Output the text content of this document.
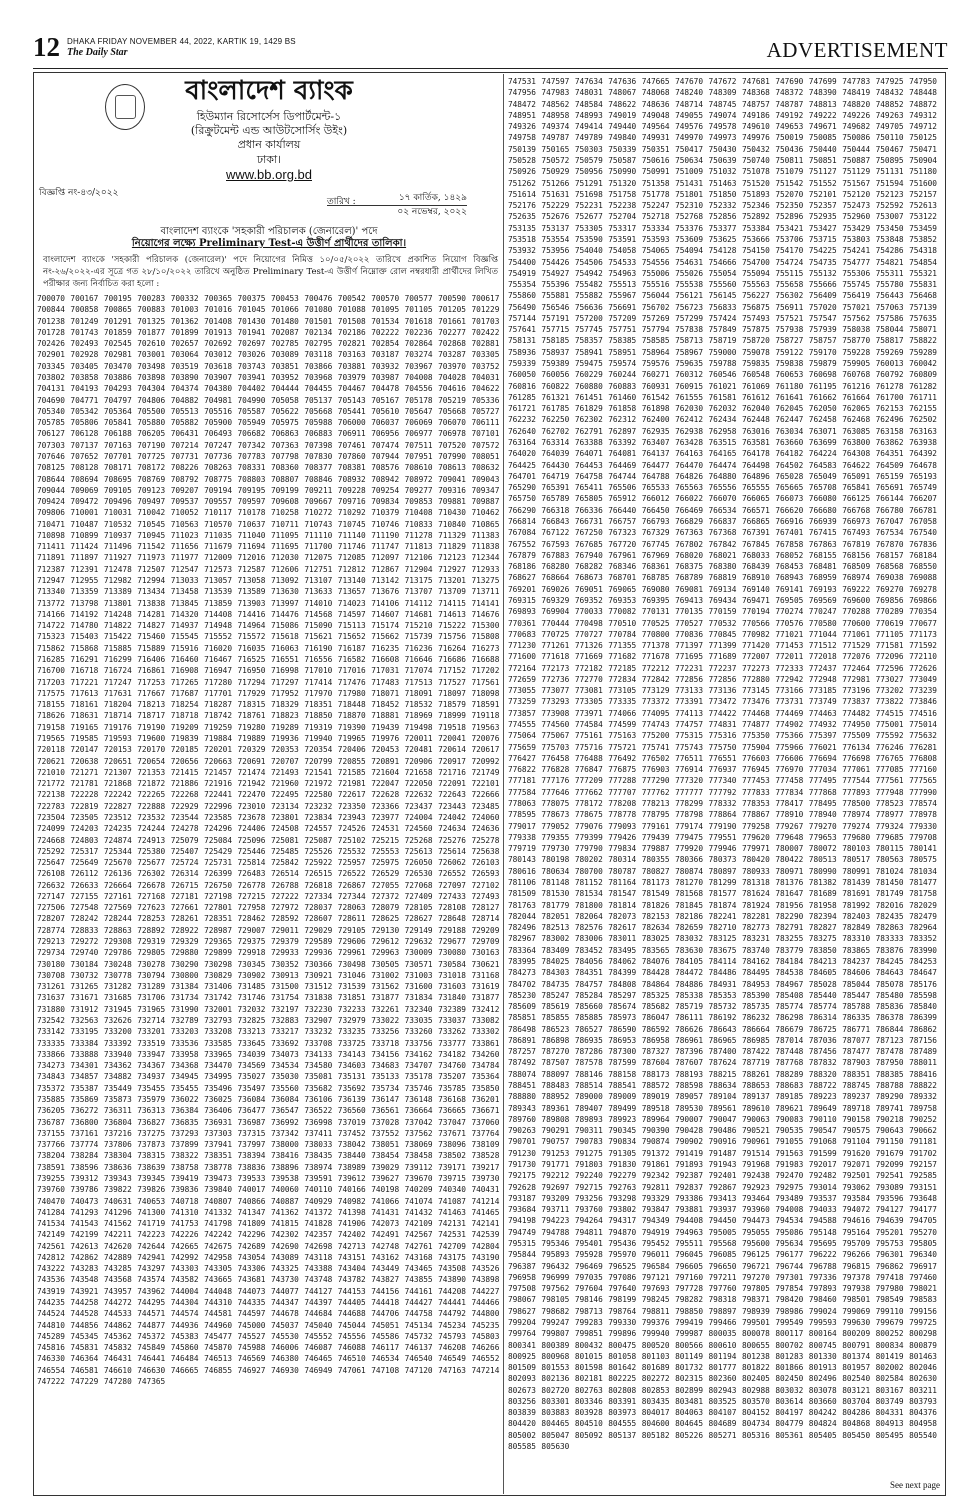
12 DHAKA FRIDAY NOVEMBER 44, 2022, KARTIK 19, 1429 BS
The Daily Star	ADVERTISEMENT
বাংলাদেশ ব্যাংক
হিউম্যান রিসোর্সেস ডিপার্টমেন্ট-১
(রিক্রুটমেন্ট এন্ড আউটসোর্সিং উইং)
প্রধান কার্যালয়
ঢাকা।
www.bb.org.bd
বিজ্ঞপ্তি নং-৪৩/২০২২
তারিখ :	১৭ কার্তিক, ১৪২৯
০২ নভেম্বর, ২০২২
বাংলাদেশ ব্যাংকে 'সহকারী পরিচালক (জেনারেল)' পদে
নিয়োগের লক্ষ্যে Preliminary Test-এ উত্তীর্ণ প্রার্থীদের তালিকা।
বাংলাদেশ ব্যাংকে 'সহকারী পরিচালক (জেনারেল)' পদে নিয়োগের নিমিত্ত ১০/০৫/২০২২ তারিখে প্রকাশিত নিয়োগ বিজ্ঞপ্তি নং-২৬/২০২২-এর সূত্রে গত ২৮/১০/২০২২ তারিখে অনুষ্ঠিত Preliminary Test-এ উত্তীর্ণ নিম্নোক্ত রোল নম্বরধারী প্রার্থীদের লিখিত পরীক্ষার জন্য নির্বাচিত করা হলো :
700070 700167 700195 700283 700332 700365 700375 700453 700476 700542 700570 700577 700590 700617 700844 700858 700865 700883 701003 701016 701045 701066 701080 701088 701095 701105 701205 701229 701238 701249 701291 701325 701362 701408 701430 701480 701501 701508 701534 701618 701661 701703 701728 701743 701859 701877 701899 701913 701941 702087 702134 702186 702222 702236 702277 702422 702426 702493 702545 702610 702657 702692 702697 702785 702795 702821 702854 702864 702868 702881 702901 702928 702981 703001 703064 703012 703026 703089 703118 703163 703187 703274 703287 703305 703345 703405 703470 703498 703519 703618 703743 703851 703866 703881 703932 703967 703970 703752 703802 703858 703886 703898 703890 703907 703941 703952 703968 703979 703987 704008 704028 704031 704131 704193 704293 704304 704374 704380 704402 704444 704455 704467 704478 704556 704616 704622 704690 704771 704797 704806 704882 704981 704990 705058 705137 705143 705167 705178 705219 705336 705340 705342 705364 705500 705513 705516 705587 705622 705668 705441 705610 705647 705668 705727 705785 705806 705841 705880 705882 705900 705949 705975 705988 706000 706037 706069 706070 706111 706127 706128 706188 706205 706431 706493 706682 706863 706883 706911 706956 706977 706978 707101 707303 707137 707163 707190 707214 707247 707342 707363 707398 707461 707474 707511 707520 707572 707646 707652 707701 707725 707731 707736 707783 707798 707830 707860 707944 707951 707990 708051 708125 708128 708171 708172 708226 708263 708331 708360 708377 708381 708576 708610 708613 708632 708644 708694 708695 708769 708792 708775 708803 708807 708846 708932 708942 708972 709041 709043 709044 709069 709105 709123 709207 709194 709195 709199 709211 709228 709254 709277 709316 709347 709424 709472 709496 709497 709537 709557 709597 709608 709667 709716 709834 709853 709881 709887 709806 710001 710031 710042 710052 710117 710178 710258 710272 710292 710379 710408 710430 710462 710471 710487 710532 710545 710563 710570 710637 710711 710743 710745 710746 710833 710840 710865 710898 710899 710937 710945 711023 711035 711040 711095 711110 711140 711190 711278 711329 711383 711411 711424 711496 711542 711656 711679 711694 711695 711700 711746 711747 711813 711829 711838 711891 711897 711927 711973 711977 712009 712016 712030 712075 712085 712097 712106 712123 712344 712387 712391 712478 712507 712547 712573 712587 712606 712751 712812 712867 712904 712927 712933 712947 712955 712982 712994 713033 713057 713058 713092 713107 713140 713142 713175 713201 713275 713340 713359 713389 713434 713458 713539 713589 713630 713633 713657 713676 713707 713709 713711 713772 713798 713801 713838 713845 713859 713903 713997 714010 714023 714106 714112 714115 714141 714166 714192 714248 714281 714320 714408 714416 714476 714568 714597 714607 714681 714613 714676 714722 714780 714822 714827 714937 714948 714964 715086 715090 715113 715174 715210 715222 715300 715323 715403 715422 715460 715545 715552 715572 715618 715621 715652 715662 715739 715756 715808 715862 715868 715885 715889 715916 716020 716035 716063 716190 716187 716235 716236 716264 716273 716285 716291 716299 716406 716460 716467 716525 716551 716556 716582 716608 716646 716686 716688 716700 716718 716724 716861 716908 716947 716950 716998 717010 717016 717031 717074 717152 717202 717203 717221 717247 717253 717265 717280 717294 717297 717414 717476 717483 717513 717527 717561 717575 717613 717631 717667 717687 717701 717929 717952 717970 717980 718071 718091 718097 718098 718155 718161 718204 718213 718254 718287 718315 718329 718351 718448 718452 718532 718579 718591 718626 718631 718714 718717 718718 718742 718761 718823 718850 718870 718881 718969 718999 719118 719158 719165 719176 719190 719209 719259 719280 719289 719319 719390 719439 719498 719518 719563 719565 719585 719593 719600 719839 719884 719889 719936 719940 719965 719976 720011 720041 720076 720118 720147 720153 720170 720185 720201 720329 720353 720354 720406 720453 720481 720614 720617 720621 720638 720651 720654 720656 720663 720691 720707 720799 720855 720891 720906 720917 720992 721010 721271 721307 721353 721415 721457 721474 721493 721541 721585 721604 721658 721716 721749 721772 721781 721868 721872 721886 721916 721942 721960 721972 721981 722047 722050 722091 722101 722138 722228 722242 722265 722268 722441 722470 722495 722580 722617 722628 722632 722643 722666 722783 722819 722827 722888 722929 722996 723010 723134 723232 723350 723366 723437 723443 723485 723504 723505 723512 723532 723544 723585 723678 723801 723834 723943 723977 724004 724042 724060 724099 724203 724235 724244 724278 724296 724406 724508 724557 724526 724531 724560 724634 724636 724668 724803 724874 724913 725079 725084 725096 725081 725087 725102 725215 725268 725276 725278 725292 725317 725344 725380 725407 725429 725446 725485 725526 725532 725553 725613 725614 725638 725647 725649 725670 725677 725724 725731 725814 725842 725922 725957 725975 726050 726062 726103 726108 726112 726136 726302 726314 726399 726483 726514 726515 726522 726529 726530 726552 726593 726632 726633 726664 726678 726715 726750 726778 726788 726818 726867 727055 727068 727097 727102 727147 727155 727161 727168 727181 727198 727215 727222 727334 727344 727372 727409 727433 727493 727506 727548 727569 727623 727661 727801 727958 727972 728037 728063 728079 728105 728108 728127 728207 728242 728244 728253 728261 728351 728462 728592 728607 728611 728625 728627 728648 728714 728774 728833 728863 728892 728922 728987 729007 729011 729029 729105 729130 729149 729188 729209 729213 729272 729308 729319 729329 729365 729375 729379 729589 729606 729612 729632 729677 729709 729734 729740 729786 729805 729880 729899 729918 729933 729936 729961 729963 730009 730080 730163 730180 730184 730248 730278 730290 730298 730345 730352 730366 730498 730505 730571 730584 730621 730708 730732 730778 730794 730800 730829 730902 730913 730921 731046 731002 731003 731018 731168 731261 731265 731282 731289 731384 731406 731485 731500 731512 731539 731562 731600 731603 731619 731637 731671 731685 731706 731734 731742 731746 731754 731838 731851 731877 731834 731840 731877 731880 731912 731945 731965 731990 732001 732032 732197 732230 732233 732261 732340 732389 732412 732542 732563 732626 732714 732789 732793 732825 732883 732907 732979 733022 733035 733037 733082 733142 733195 733200 733201 733203 733208 733213 733217 733232 733235 733256 733260 733262 733302 733335 733384 733392 733519 733536 733585 733645 733692 733708 733725 733718 733756 733777 733861 733866 733888 733940 733947 733958 733965 734039 734073 734133 734143 734156 734162 734182 734260 734273 734301 734362 734367 734368 734470 734569 734534 734580 734603 734683 734707 734760 734784 734843 734857 734882 734937 734945 734995 735027 735030 735081 735131 735133 735178 735207 735364 735372 735387 735449 735455 735455 735496 735497 735560 735682 735692 735734 735746 735785 735850 735885 735869 735873 735979 736022 736025 736084 736084 736106 736139 736147 736148 736168 736201 736205 736272 736311 736313 736384 736406 736477 736547 736522 736560 736561 736664 736665 736671 736787 736800 736804 736827 736835 736931 736987 736992 736998 737019 737028 737042 737047 737060 737155 737161 737216 737275 737293 737303 737315 737342 737411 737452 737552 737562 737671 737764 737766 737774 737806 737873 737899 737941 737997 738000 738033 738042 738051 738069 738096 738109 738204 738284 738304 738315 738322 738351 738394 738416 738435 738440 738454 738458 738502 738528 738591 738596 738636 738639 738758 738778 738836 738896 738974 738989 739029 739112 739171 739217 739255 739312 739343 739345 739419 739473 739533 739538 739591 739612 739627 739670 739715 739730 739760 739786 739822 739826 739836 739840 740017 740060 740110 740166 740198 740209 740340 740431 740470 740473 740631 740653 740718 740807 740866 740887 740929 740982 741066 741074 741087 741214 741284 741293 741296 741300 741310 741332 741347 741362 741372 741398 741431 741432 741463 741465 741534 741543 741562 741719 741753 741798 741809 741815 741828 741906 742073 742109 742131 742141 742149 742199 742211 742223 742226 742242 742296 742302 742357 742402 742491 742567 742531 742539 742561 742613 742620 742644 742665 742675 742689 742690 742698 742713 742748 742761 742709 742804 742812 742862 742889 742941 742992 742958 743054 743089 743118 743151 743162 743168 743175 743190 743222 743283 743285 743297 743303 743305 743306 743325 743388 743404 743449 743465 743508 743526 743536 743548 743568 743574 743582 743665 743681 743730 743748 743782 743827 743855 743890 743898 743919 743921 743957 743962 744004 744048 744073 744077 744127 744153 744156 744161 744208 744227 744235 744258 744272 744295 744304 744310 744335 744347 744397 744405 744418 744427 744441 744466 744524 744528 744533 744571 744574 744581 744597 744678 744684 744688 744706 744758 744792 744800 744810 744856 744862 744877 744936 744960 745000 745037 745040 745044 745051 745134 745234 745235 745289 745345 745362 745372 745383 745477 745527 745530 745552 745556 745586 745732 745793 745803 745816 745831 745832 745849 745860 745870 745988 746006 746087 746088 746117 746137 746208 746266 746330 746364 746431 746441 746484 746513 746569 746380 746465 746510 746534 746540 746549 746552 746554 746581 746610 746630 746665 746855 746927 746930 746949 747061 747108 747120 747163 747214 747222 747229 747280 747365
747531 747597 747634 747636 747665 747670 747672 747681 747690 747699 747783 747925 747950 747956 747983 748031 748067 748068 748240 748309 748368 748372 748390 748419 748432 748448 748472 748562 748584 748622 748636 748714 748745 748757 748787 748813 748820 748852 748872 748951 748958 748993 749019 749048 749055 749074 749186 749192 749222 749226 749263 749312 749326 749374 749414 749440 749564 749576 749578 749610 749653 749671 749682 749705 749712 749758 749787 749789 749840 749931 749970 749973 749976 750019 750085 750086 750110 750125 750139 750165 750303 750339 750351 750417 750430 750432 750436 750440 750444 750467 750471 750528 750572 750579 750587 750616 750634 750639 750740 750811 750851 750887 750895 750904 750926 750929 750956 750990 750991 751009 751032 751078 751079 751127 751129 751131 751180 751262 751266 751291 751320 751358 751431 751463 751520 751542 751552 751567 751594 751600 751614 751631 751698 751758 751778 751801 751850 751893 752070 752101 752120 752123 752157 752176 752229 752231 752238 752247 752310 752332 752346 752350 752357 752473 752592 752613 752635 752676 752677 752704 752718 752768 752856 752892 752896 752935 752960 753007 753122 753135 753137 753305 753317 753334 753376 753377 753384 753421 753427 753429 753450 753459 753518 753554 753590 753591 753593 753609 753625 753666 753706 753715 753803 753848 753852 753932 753956 754040 754058 754065 754094 754128 754150 754170 754225 754241 754286 754318 754400 754426 754506 754533 754556 754631 754666 754700 754724 754735 754777 754821 754854 754919 754927 754942 754963 755006 755026 755054 755094 755115 755132 755306 755311 755321 755354 755396 755482 755513 755516 755538 755560 755563 755658 755666 755745 755780 755831 755860 755881 755882 755967 756044 756121 756145 756227 756302 756409 756419 756443 756468 756490 756546 756636 756691 756702 756723 756833 756875 756911 757020 757021 757063 757139 757144 757191 757200 757209 757269 757299 757424 757493 757521 757547 757562 757586 757635 757641 757715 757745 757751 757794 757838 757849 757875 757938 757939 758038 758044 758071 758131 758185 758357 758385 758585 758713 758719 758720 758727 758757 758770 758817 758822 758936 758937 758941 758951 758964 758967 759000 759078 759122 759170 759228 759269 759289 759339 759389 759475 759574 759576 759635 759788 759835 759838 759879 759905 760013 760042 760050 760056 760229 760244 760271 760312 760546 760548 760653 760698 760768 760792 760809 760816 760822 760880 760883 760931 760915 761021 761069 761180 761195 761216 761278 761282 761285 761321 761451 761460 761542 761555 761581 761612 761641 761662 761664 761700 761711 761721 761785 761829 761858 761898 762030 762032 762040 762045 762050 762065 762153 762155 762232 762250 762302 762312 762400 762412 762434 762448 762447 762458 762468 762496 762502 762640 762702 762791 762897 762935 762938 762958 763016 763034 763071 763085 763158 763163 763164 763314 763388 763392 763407 763428 763515 763581 763660 763699 763800 763862 763938 764020 764039 764071 764081 764137 764163 764165 764178 764182 764224 764308 764351 764392 764425 764430 764453 764469 764477 764470 764474 764498 764502 764583 764622 764509 764678 764701 764719 764758 764744 764788 764826 764880 764896 765028 765049 765091 765159 765193 765290 765391 765411 765506 765533 765563 765556 765555 765665 765708 765841 765691 765749 765750 765789 765805 765912 766012 766022 766070 766065 766073 766080 766125 766144 766207 766290 766318 766336 766440 766450 766469 766534 766571 766620 766680 766768 766780 766781 766814 766843 766731 766757 766793 766829 766837 766865 766916 766939 766973 767047 767058 767084 767122 767250 767323 767329 767363 767368 767391 767401 767415 767493 767534 767540 767552 767593 767685 767720 767745 767802 767842 767845 767858 767863 767819 767870 767836 767879 767883 767940 767961 767969 768020 768021 768033 768052 768155 768156 768157 768184 768186 768280 768282 768346 768361 768375 768380 768439 768453 768481 768509 768568 768550 768627 768664 768673 768701 768785 768789 768819 768910 768943 768959 768974 769038 769088 769201 769026 769051 769065 769080 769081 769134 769140 769141 769193 769222 769270 769278 769315 769329 769352 769353 769395 769413 769434 769471 769505 769569 769600 769856 769866 769893 769904 770033 770082 770131 770135 770159 770194 770274 770247 770288 770289 770354 770361 770444 770498 770510 770525 770527 770532 770566 770576 770580 770600 770619 770677 770683 770725 770727 770784 770800 770836 770845 770982 771021 771044 771061 771105 771173 771230 771261 771326 771355 771378 771397 771399 771420 771453 771512 771529 771581 771592 771600 771618 771669 771682 771678 771695 771689 772007 772011 772018 772076 772096 772110 772164 772173 772182 772185 772212 772231 772237 772273 772333 772437 772464 772596 772626 772659 772736 772770 772834 772842 772856 772856 772880 772942 772948 772981 773027 773049 773055 773077 773081 773105 773129 773133 773136 773145 773166 773185 773196 773202 773239 773259 773293 773305 773335 773372 773391 773472 773476 773731 773749 773837 773822 773846 773857 773908 773971 774066 774095 774113 774422 774468 774469 774463 774482 774515 774516 774555 774560 774584 774599 774743 774757 774831 774877 774902 774932 774950 775001 775014 775064 775067 775161 775163 775200 775315 775316 775350 775366 775397 775509 775592 775632 775659 775703 775716 775721 775741 775743 775750 775904 775966 776021 776134 776246 776281 776427 776458 776488 776492 776502 776511 776551 776603 776606 776694 776698 776765 776808 776822 776828 776847 776875 776903 776914 776937 776945 776970 777034 777061 777085 777160 777181 777176 777209 777288 777290 777320 777340 777453 777458 777495 777544 777561 777565 777584 777646 777662 777707 777762 777777 777792 777833 777834 777868 777893 777948 777990 778063 778075 778172 778208 778213 778299 778332 778353 778417 778495 778500 778523 778574 778595 778673 778675 778778 778795 778798 778864 778867 778910 778940 778974 778977 778978 779017 779052 779076 779093 779161 779174 779190 779258 779267 779270 779274 779324 779330 779338 779355 779399 779426 779439 779475 779551 779620 779648 779653 779680 779685 779708 779719 779730 779790 779834 779887 779920 779946 779971 780007 780072 780103 780115 780141 780143 780198 780202 780314 780355 780366 780373 780420 780422 780513 780517 780563 780575 780616 780634 780700 780787 780827 780874 780897 780933 780971 780990 780991 781024 781034 781106 781148 781152 781164 781173 781270 781299 781318 781376 781382 781439 781450 781477 781509 781530 781534 781547 781549 781568 781577 781624 781647 781689 781691 781749 781758 781763 781779 781800 781814 781826 781845 781874 781924 781956 781958 781992 782016 782029 782044 782051 782064 782073 782153 782186 782241 782281 782290 782394 782403 782435 782479 782496 782513 782576 782617 782634 782659 782710 782773 782791 782827 782849 782863 782964 782967 783002 783006 783011 783025 783032 783125 783231 783255 783275 783310 783333 783352 783364 783409 783452 783495 783565 783630 783675 783740 783779 783850 783865 783876 783990 783995 784025 784056 784062 784076 784105 784114 784162 784184 784213 784237 784245 784253 784273 784303 784351 784399 784428 784472 784486 784495 784538 784605 784606 784643 784647 784702 784735 784757 784808 784864 784886 784931 784953 784967 785028 785044 785078 785176 785230 785247 785284 785297 785325 785338 785353 785390 785408 785440 785447 785480 785598 785609 785619 785660 785674 785682 785719 785732 785735 785774 785774 785788 785836 785840 785851 785855 785885 785973 786047 786111 786192 786232 786298 786314 786335 786378 786399 786498 786523 786527 786590 786592 786626 786643 786664 786679 786725 786771 786844 786862 786891 786898 786935 786953 786958 786961 786965 786985 787014 787036 787077 787123 787156 787257 787270 787286 787300 787327 787396 787400 787422 787448 787456 787477 787478 787489 787492 787507 787578 787599 787604 787607 787624 787719 787768 787832 787903 787950 788011 788074 788097 788146 788158 788173 788193 788215 788261 788289 788320 788351 788385 788416 788451 788483 788514 788541 788572 788598 788634 788653 788683 788722 788745 788788 788822 788880 788952 789000 789009 789019 789057 789104 789137 789185 789223 789237 789290 789332 789343 789361 789407 789499 789518 789530 789561 789610 789621 789649 789718 789741 789758 789760 789808 789893 789923 789964 790007 790047 790063 790083 790110 790158 790218 790252 790263 790291 790311 790345 790390 790428 790486 790521 790535 790547 790575 790643 790662 790701 790757 790783 790834 790874 790902 790916 790961 791055 791068 791104 791150 791181 791230 791253 791275 791305 791372 791419 791487 791514 791563 791599 791620 791679 791702 791730 791771 791803 791830 791861 791893 791943 791968 791983 792017 792071 792099 792157 792175 792212 792240 792279 792342 792387 792401 792438 792470 792482 792501 792541 792585 792628 792697 792715 792763 792811 792837 792867 792923 792975 793014 793062 793089 793151 793187 793209 793256 793298 793329 793386 793413 793464 793489 793537 793584 793596 793648 793684 793711 793760 793802 793847 793881 793937 793960 794008 794033 794072 794127 794177 794198 794223 794264 794317 794349 794408 794450 794473 794534 794588 794616 794639 794705 794749 794788 794811 794870 794919 794963 795005 795055 795086 795148 795164 795201 795270 795315 795346 795401 795436 795452 795511 795568 795600 795634 795695 795709 795753 795805 795844 795893 795928 795970 796011 796045 796085 796125 796177 796222 796266 796301 796340 796387 796432 796469 796525 796584 796605 796650 796721 796744 796788 796815 796862 796917 796958 796999 797035 797086 797121 797160 797211 797270 797301 797336 797378 797418 797460 797508 797562 797604 797640 797693 797728 797760 797805 797854 797893 797938 797980 798021 798067 798105 798146 798199 798245 798282 798318 798371 798420 798460 798501 798549 798583 798627 798682 798713 798764 798811 798850 798897 798939 798986 799024 799069 799110 799156 799204 799247 799283 799330 799376 799419 799466 799501 799549 799593 799630 799679 799725 799764 799807 799851 799896 799940 799987 800035 800078 800117 800164 800209 800252 800298 800341 800389 800432 800475 800520 800566 800610 800655 800702 800745 800791 800834 800879 800925 800968 801015 801058 801103 801149 801194 801238 801283 801330 801374 801419 801463 801509 801553 801598 801642 801689 801732 801777 801822 801866 801913 801957 802002 802046 802093 802136 802181 802225 802272 802315 802360 802405 802450 802496 802540 802584 802630 802673 802720 802763 802808 802853 802899 802943 802988 803032 803078 803121 803167 803211 803256 803301 803346 803391 803435 803481 803525 803570 803614 803660 803704 803749 803793 803839 803883 803928 803973 804017 804063 804107 804152 804197 804242 804286 804331 804376 804420 804465 804510 804555 804600 804645 804689 804734 804779 804824 804868 804913 804958 805002 805047 805092 805137 805182 805226 805271 805316 805361 805405 805450 805495 805540 805585 805630
See next page
